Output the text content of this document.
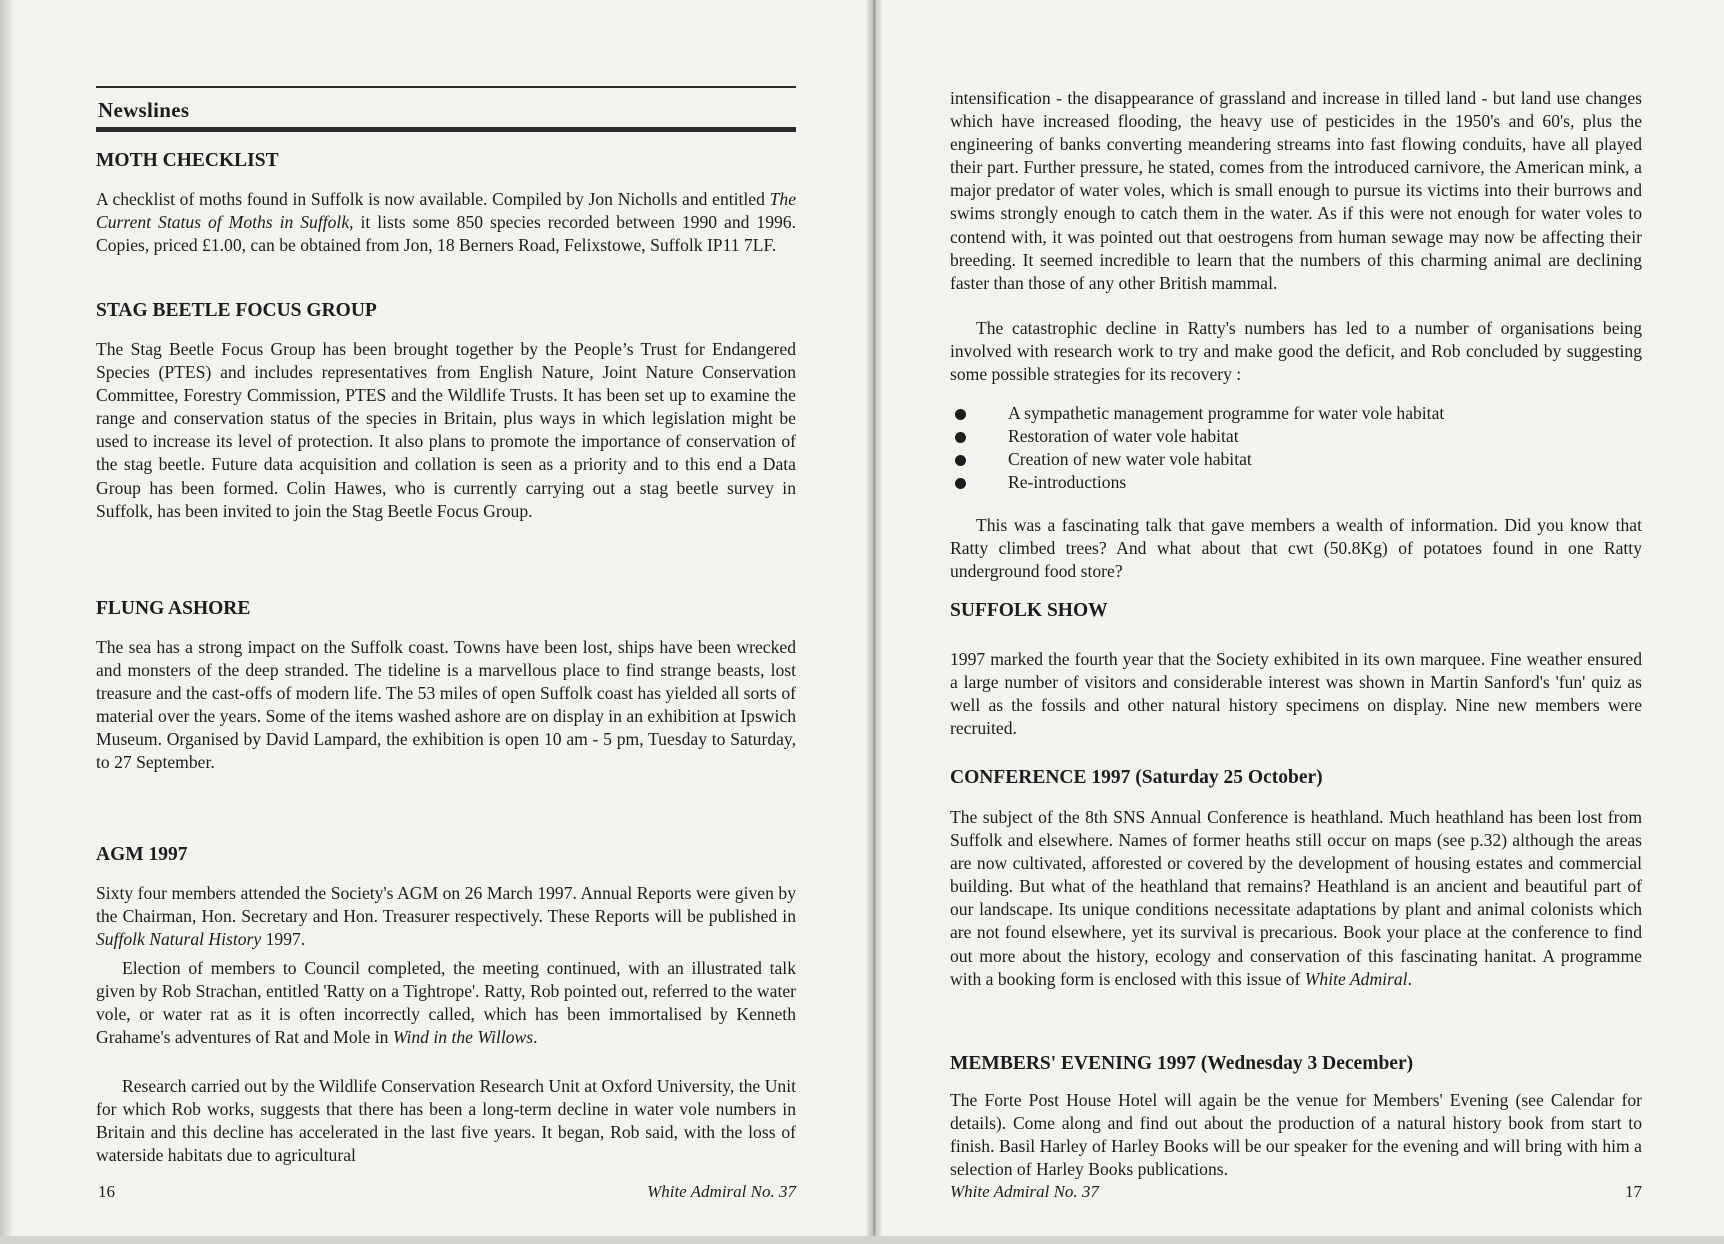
Newslines
MOTH CHECKLIST

A checklist of moths found in Suffolk is now available. Compiled by Jon Nicholls and entitled The Current Status of Moths in Suffolk, it lists some 850 species recorded between 1990 and 1996. Copies, priced £1.00, can be obtained from Jon, 18 Berners Road, Felixstowe, Suffolk IP11 7LF.

STAG BEETLE FOCUS GROUP

The Stag Beetle Focus Group has been brought together by the People’s Trust for Endangered Species (PTES) and includes representatives from English Nature, Joint Nature Conservation Committee, Forestry Commission, PTES and the Wildlife Trusts. It has been set up to examine the range and conservation status of the species in Britain, plus ways in which legislation might be used to increase its level of protection. It also plans to promote the importance of conservation of the stag beetle. Future data acquisition and collation is seen as a priority and to this end a Data Group has been formed. Colin Hawes, who is currently carrying out a stag beetle survey in Suffolk, has been invited to join the Stag Beetle Focus Group.

FLUNG ASHORE

The sea has a strong impact on the Suffolk coast. Towns have been lost, ships have been wrecked and monsters of the deep stranded. The tideline is a marvellous place to find strange beasts, lost treasure and the cast-offs of modern life. The 53 miles of open Suffolk coast has yielded all sorts of material over the years. Some of the items washed ashore are on display in an exhibition at Ipswich Museum. Organised by David Lampard, the exhibition is open 10 am - 5 pm, Tuesday to Saturday, to 27 September.

AGM 1997

Sixty four members attended the Society's AGM on 26 March 1997. Annual Reports were given by the Chairman, Hon. Secretary and Hon. Treasurer respectively. These Reports will be published in Suffolk Natural History 1997.

Election of members to Council completed, the meeting continued, with an illustrated talk given by Rob Strachan, entitled 'Ratty on a Tightrope'. Ratty, Rob pointed out, referred to the water vole, or water rat as it is often incorrectly called, which has been immortalised by Kenneth Grahame's adventures of Rat and Mole in Wind in the Willows.

Research carried out by the Wildlife Conservation Research Unit at Oxford University, the Unit for which Rob works, suggests that there has been a long-term decline in water vole numbers in Britain and this decline has accelerated in the last five years. It began, Rob said, with the loss of waterside habitats due to agricultural

16	White Admiral No. 37

intensification - the disappearance of grassland and increase in tilled land - but land use changes which have increased flooding, the heavy use of pesticides in the 1950's and 60's, plus the engineering of banks converting meandering streams into fast flowing conduits, have all played their part. Further pressure, he stated, comes from the introduced carnivore, the American mink, a major predator of water voles, which is small enough to pursue its victims into their burrows and swims strongly enough to catch them in the water. As if this were not enough for water voles to contend with, it was pointed out that oestrogens from human sewage may now be affecting their breeding. It seemed incredible to learn that the numbers of this charming animal are declining faster than those of any other British mammal.

The catastrophic decline in Ratty's numbers has led to a number of organisations being involved with research work to try and make good the deficit, and Rob concluded by suggesting some possible strategies for its recovery :

A sympathetic management programme for water vole habitat
Restoration of water vole habitat
Creation of new water vole habitat
Re-introductions

This was a fascinating talk that gave members a wealth of information. Did you know that Ratty climbed trees? And what about that cwt (50.8Kg) of potatoes found in one Ratty underground food store?

SUFFOLK SHOW

1997 marked the fourth year that the Society exhibited in its own marquee. Fine weather ensured a large number of visitors and considerable interest was shown in Martin Sanford's 'fun' quiz as well as the fossils and other natural history specimens on display. Nine new members were recruited.

CONFERENCE 1997 (Saturday 25 October)

The subject of the 8th SNS Annual Conference is heathland. Much heathland has been lost from Suffolk and elsewhere. Names of former heaths still occur on maps (see p.32) although the areas are now cultivated, afforested or covered by the development of housing estates and commercial building. But what of the heathland that remains? Heathland is an ancient and beautiful part of our landscape. Its unique conditions necessitate adaptations by plant and animal colonists which are not found elsewhere, yet its survival is precarious. Book your place at the conference to find out more about the history, ecology and conservation of this fascinating hanitat. A programme with a booking form is enclosed with this issue of White Admiral.

MEMBERS' EVENING 1997 (Wednesday 3 December)

The Forte Post House Hotel will again be the venue for Members' Evening (see Calendar for details). Come along and find out about the production of a natural history book from start to finish. Basil Harley of Harley Books will be our speaker for the evening and will bring with him a selection of Harley Books publications.

White Admiral No. 37	17
